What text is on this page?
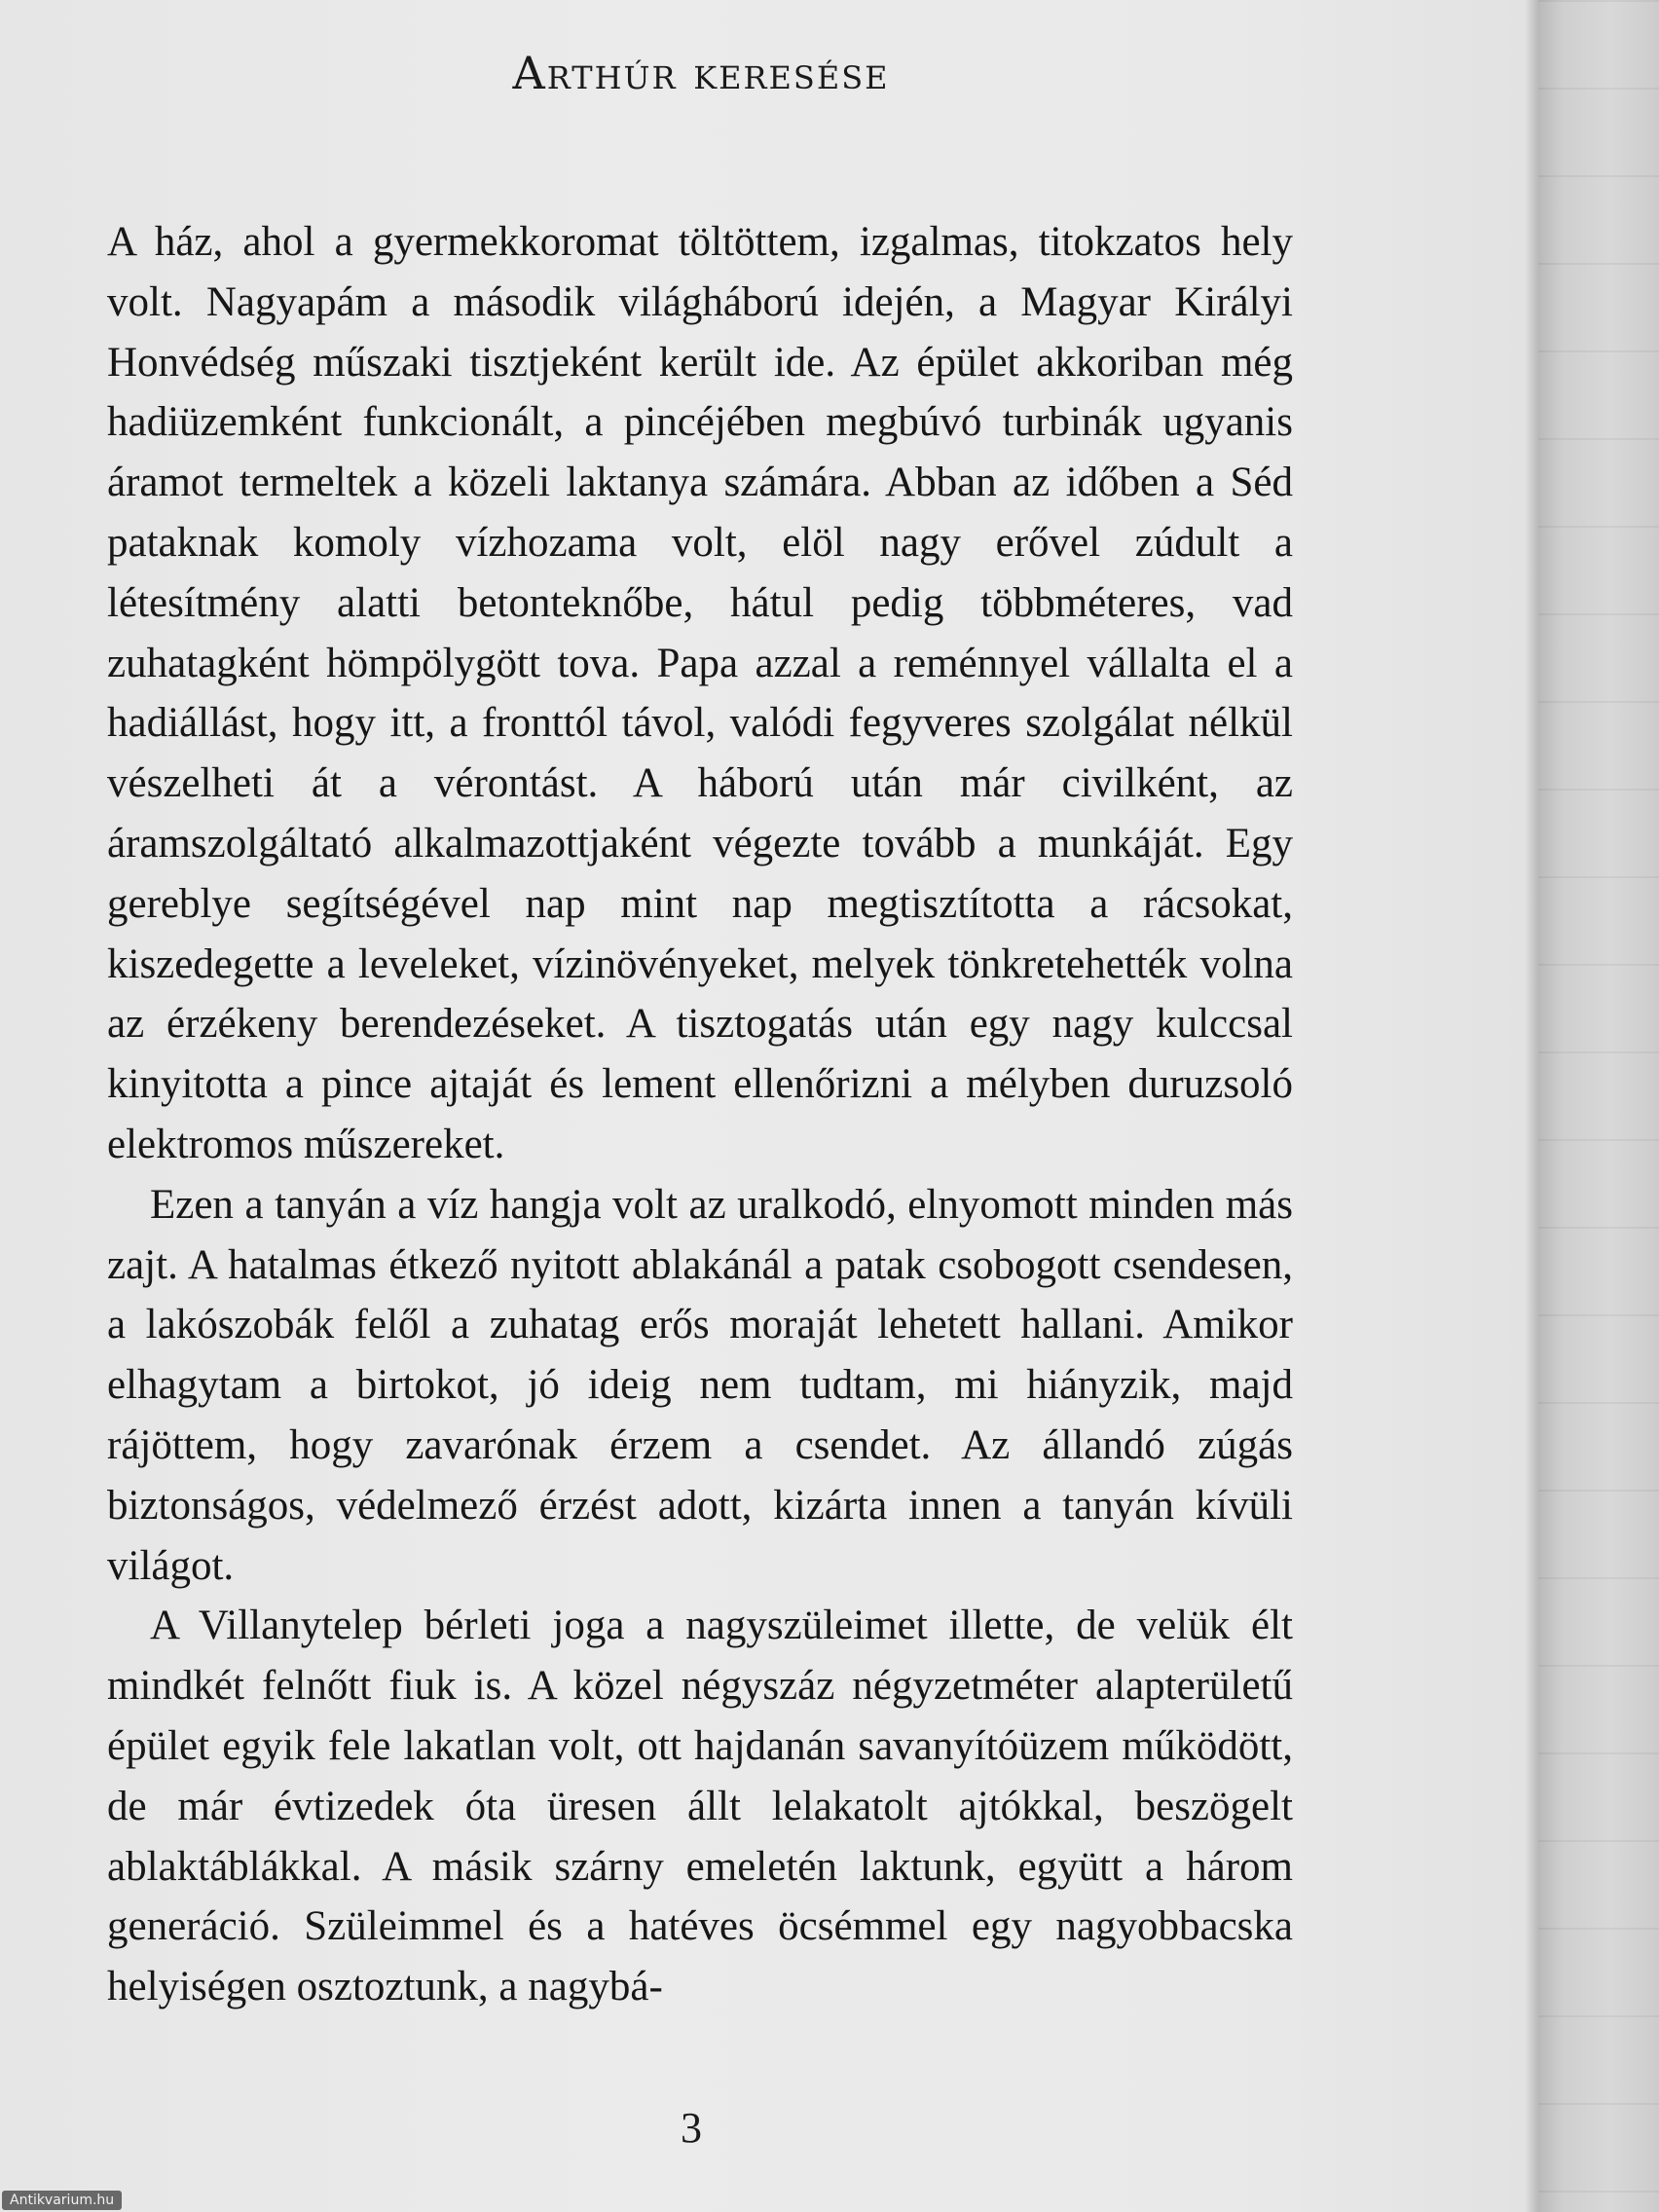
Arthúr keresése

A ház, ahol a gyermekkoromat töltöttem, izgalmas, titokzatos hely volt. Nagyapám a második világháború idején, a Magyar Királyi Honvédség műszaki tisztjeként került ide. Az épület akkoriban még hadiüzemként funkcionált, a pincéjében megbúvó turbinák ugyanis áramot termeltek a közeli laktanya számára. Abban az időben a Séd pataknak komoly vízhozama volt, elöl nagy erővel zúdult a létesítmény alatti betonteknőbe, hátul pedig többméteres, vad zuhatagként hömpölygött tova. Papa azzal a reménnyel vállalta el a hadiállást, hogy itt, a fronttól távol, valódi fegyveres szolgálat nélkül vészelheti át a vérontást. A háború után már civilként, az áramszolgáltató alkalmazottjaként végezte tovább a munkáját. Egy gereblye segítségével nap mint nap megtisztította a rácsokat, kiszedegette a leveleket, vízinövényeket, melyek tönkretehették volna az érzékeny berendezéseket. A tisztogatás után egy nagy kulccsal kinyitotta a pince ajtaját és lement ellenőrizni a mélyben duruzsoló elektromos műszereket.

Ezen a tanyán a víz hangja volt az uralkodó, elnyomott minden más zajt. A hatalmas étkező nyitott ablakánál a patak csobogott csendesen, a lakószobák felől a zuhatag erős moraját lehetett hallani. Amikor elhagytam a birtokot, jó ideig nem tudtam, mi hiányzik, majd rájöttem, hogy zavarónak érzem a csendet. Az állandó zúgás biztonságos, védelmező érzést adott, kizárta innen a tanyán kívüli világot.

A Villanytelep bérleti joga a nagyszüleimet illette, de velük élt mindkét felnőtt fiuk is. A közel négyszáz négyzetméter alapterületű épület egyik fele lakatlan volt, ott hajdanán savanyítóüzem működött, de már évtizedek óta üresen állt lelakatolt ajtókkal, beszögelt ablaktáblákkal. A másik szárny emeletén laktunk, együtt a három generáció. Szüleimmel és a hatéves öcsémmel egy nagyobbacska helyiségen osztoztunk, a nagybá-

3
Antikvarium.hu
